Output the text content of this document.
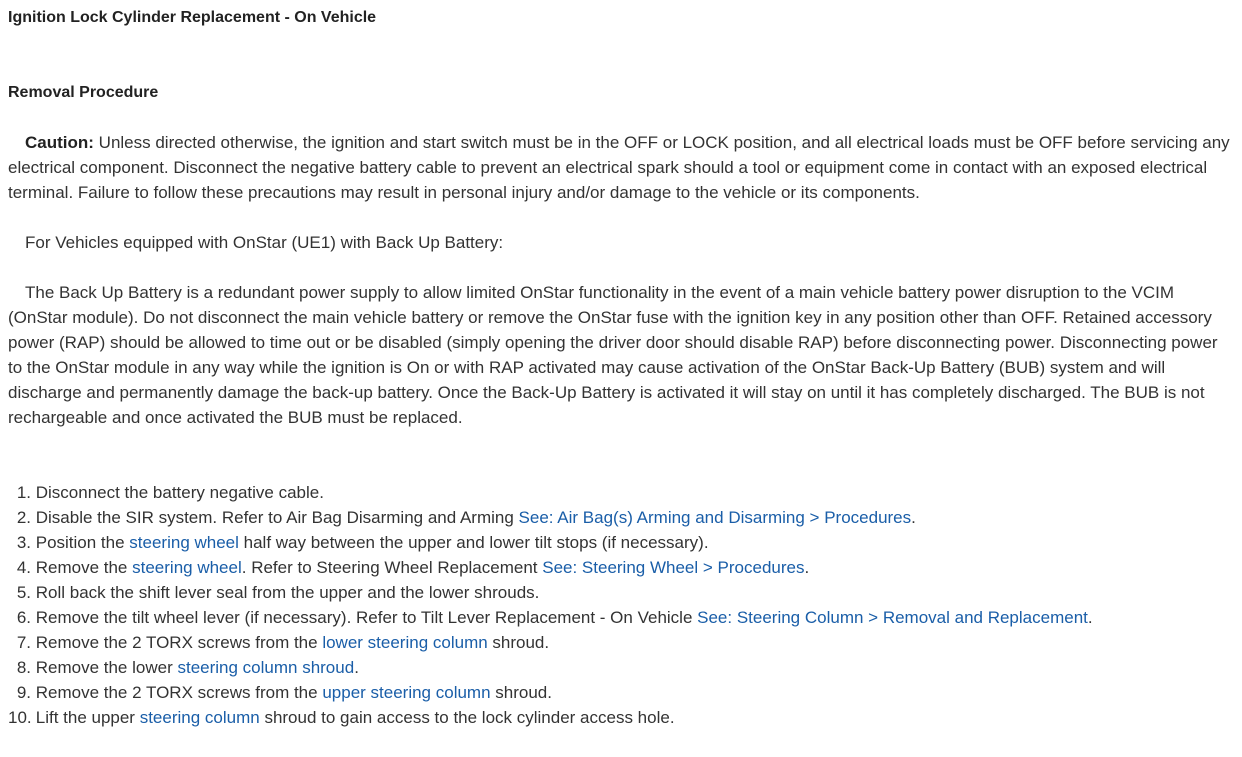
Ignition Lock Cylinder Replacement - On Vehicle
Removal Procedure

Caution: Unless directed otherwise, the ignition and start switch must be in the OFF or LOCK position, and all electrical loads must be OFF before servicing any electrical component. Disconnect the negative battery cable to prevent an electrical spark should a tool or equipment come in contact with an exposed electrical terminal. Failure to follow these precautions may result in personal injury and/or damage to the vehicle or its components.

For Vehicles equipped with OnStar (UE1) with Back Up Battery:

The Back Up Battery is a redundant power supply to allow limited OnStar functionality in the event of a main vehicle battery power disruption to the VCIM (OnStar module). Do not disconnect the main vehicle battery or remove the OnStar fuse with the ignition key in any position other than OFF. Retained accessory power (RAP) should be allowed to time out or be disabled (simply opening the driver door should disable RAP) before disconnecting power. Disconnecting power to the OnStar module in any way while the ignition is On or with RAP activated may cause activation of the OnStar Back-Up Battery (BUB) system and will discharge and permanently damage the back-up battery. Once the Back-Up Battery is activated it will stay on until it has completely discharged. The BUB is not rechargeable and once activated the BUB must be replaced.

1. Disconnect the battery negative cable.
2. Disable the SIR system. Refer to Air Bag Disarming and Arming See: Air Bag(s) Arming and Disarming > Procedures.
3. Position the steering wheel half way between the upper and lower tilt stops (if necessary).
4. Remove the steering wheel. Refer to Steering Wheel Replacement See: Steering Wheel > Procedures.
5. Roll back the shift lever seal from the upper and the lower shrouds.
6. Remove the tilt wheel lever (if necessary). Refer to Tilt Lever Replacement - On Vehicle See: Steering Column > Removal and Replacement.
7. Remove the 2 TORX screws from the lower steering column shroud.
8. Remove the lower steering column shroud.
9. Remove the 2 TORX screws from the upper steering column shroud.
10. Lift the upper steering column shroud to gain access to the lock cylinder access hole.
